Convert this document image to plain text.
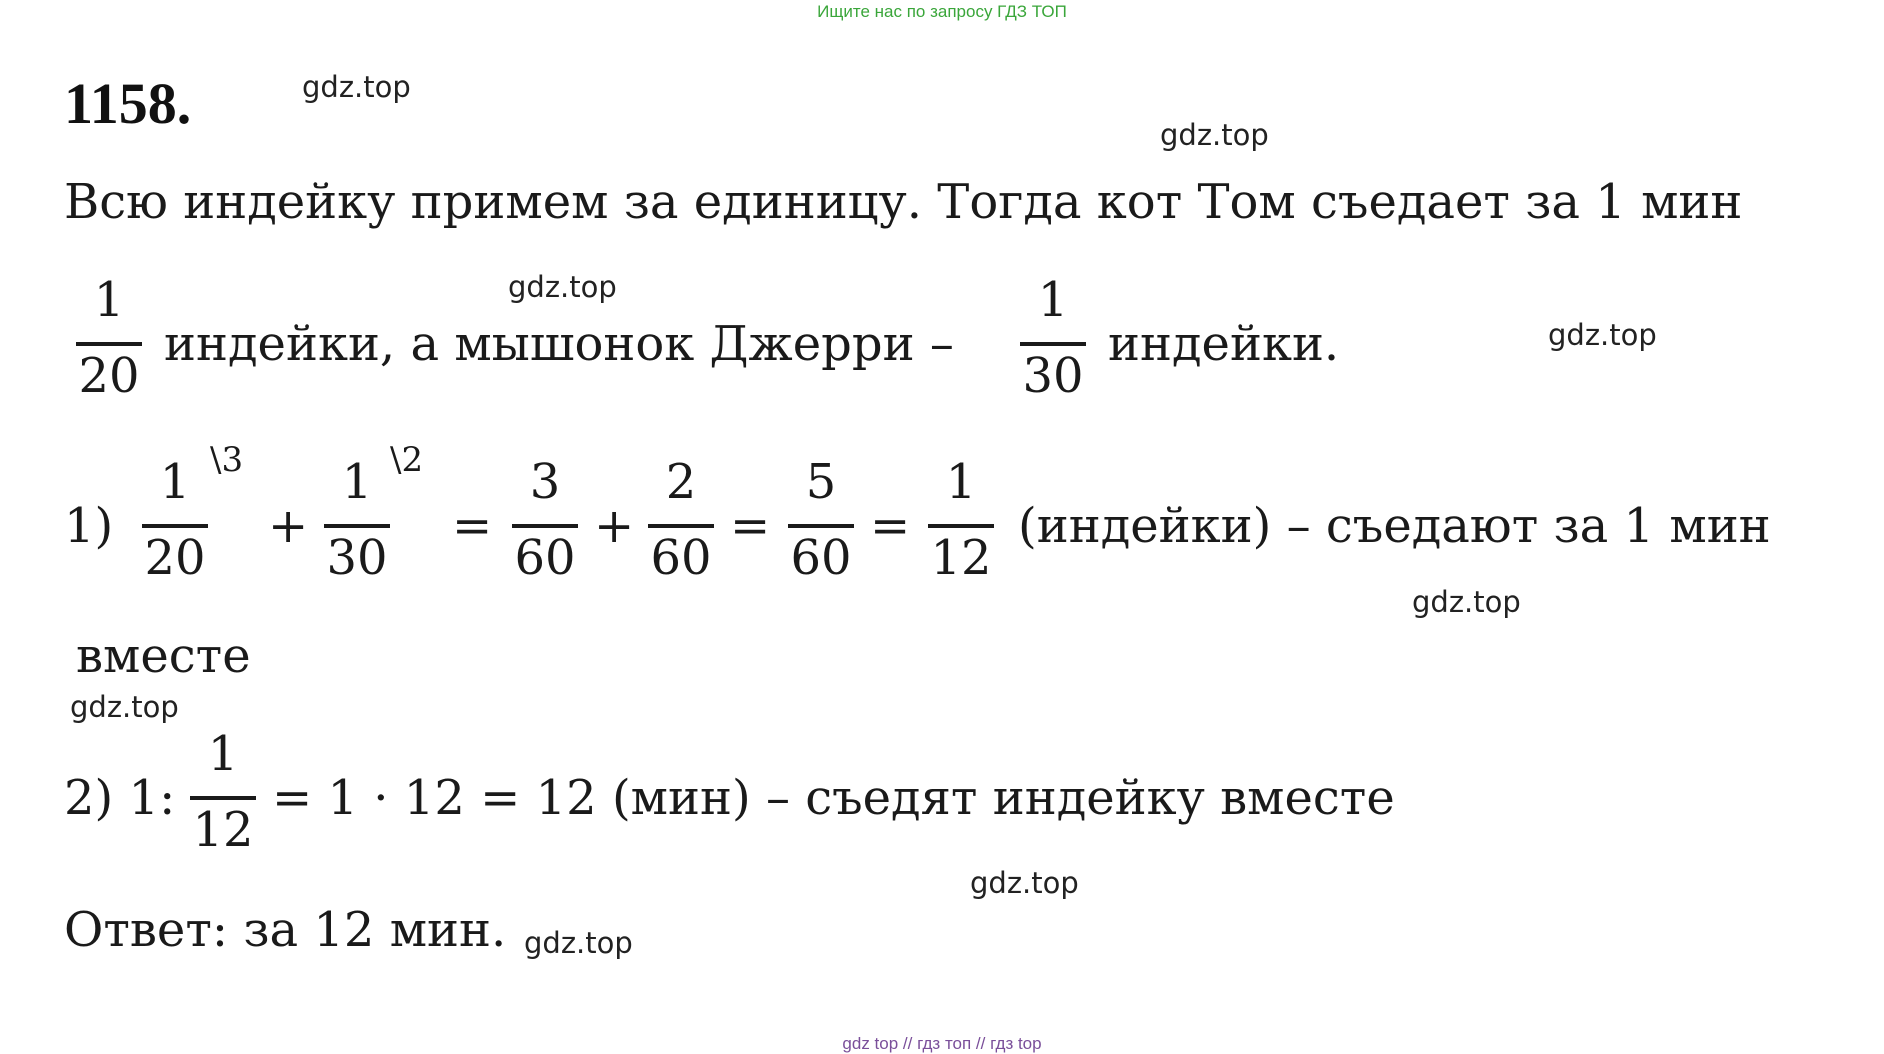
Ищите нас по запросу ГДЗ ТОП
1158.	gdz.top
gdz.top
gdz.top
gdz.top
gdz.top
gdz.top
gdz.top
gdz.top
Всю индейку примем за единицу. Тогда кот Том съедает за 1 мин
1
20
индейки, а мышонок Джерри –
1
30
индейки.
1)
1
20
\3
+
1
30
\2
=
3
60
+
2
60
=
5
60
=
1
12
(индейки) – съедают за 1 мин
вместе
2) 1:
1
12
= 1 · 12 = 12 (мин) – съедят индейку вместе
Ответ: за 12 мин.
gdz top // гдз топ // гдз top
